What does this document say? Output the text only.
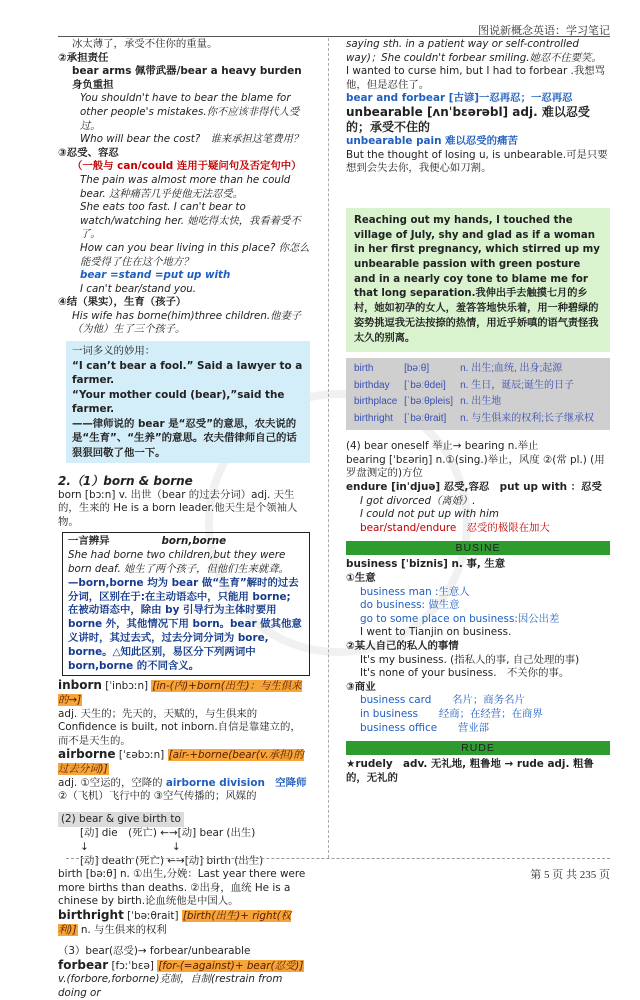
图说新概念英语：学习笔记

冰太薄了，承受不住你的重量。

②承担责任

bear arms 佩带武器/bear a heavy burden 身负重担

You shouldn't have to bear the blame for other people's mistakes.你不应该非得代人受过。

Who will bear the cost?　谁来承担这笔费用？

③忍受、容忍

（一般与 can/could 连用于疑问句及否定句中）

The pain was almost more than he could bear. 这种痛苦几乎使他无法忍受。

She eats too fast. I can't bear to watch/watching her. 她吃得太快，我看着受不了。

How can you bear living in this place? 你怎么能受得了住在这个地方？

bear =stand =put up with

I can't bear/stand you.

④结（果实），生育（孩子）

His wife has borne(him)three children.他妻子（为他）生了三个孩子。

一词多义的妙用：

“I can’t bear a fool.” Said a lawyer to a farmer.

“Your mother could (bear),”said the farmer.

——律师说的 bear 是“忍受”的意思，农夫说的是“生育”、“生养”的意思。农夫借律师自己的话狠狠回敬了他一下。

2.（1）born & borne

born [bɔːn] v. 出世（bear 的过去分词）adj. 天生的，生来的 He is a born leader.他天生是个领袖人物。

一言辨异　　　　　	born,borne

She had borne two children,but they were born deaf. 她生了两个孩子，但他们生来就聋。

—born,borne 均为 bear 做“生育”解时的过去分词，区别在于:在主动语态中，只能用 borne; 在被动语态中，除由 by 引导行为主体时要用 borne 外，其他情况下用 born。bear 做其他意义讲时，其过去式，过去分词分词为 bore, borne。△知此区别，易区分下列两词中 born,borne 的不同含义。

inborn [ˈinbɔːn] [in-(内)+born(出生)：与生俱来的→]

adj. 天生的；先天的，天赋的，与生俱来的 Confidence is built, not inborn.自信是靠建立的，而不是天生的。

airborne [ˈɛəbɔːn] [air-+borne(bear(v.承担)的过去分词)]

adj. ①空运的，空降的 airborne division　空降师

②（飞机）飞行中的 ③空气传播的；风媒的

(2) bear & give birth to

[动] die　(死亡) ←→[动] bear (出生)

↓　　　　　　　　↓

[动] death (死亡) ←→[动] birth (出生)

birth [bəːθ] n. ①出生,分娩：Last year there were more births than deaths. ②出身，血统 He is a chinese by birth.论血统他是中国人。

birthright [ˈbəːθrait] [birth(出生)+ right(权利)] n. 与生俱来的权利

（3）bear(忍受)→ forbear/unbearable

forbear [fɔːˈbɛə] [for-(=against)+ bear(忍受)]

v.(forbore,forborne)克制，自制(restrain from doing or

saying sth. in a patient way or self-controlled way)；She couldn't forbear smiling.她忍不住要笑。

I wanted to curse him, but I had to forbear .我想骂他，但是忍住了。

bear and forbear [古谚]一忍再忍；一忍再忍

unbearable [ʌnˈbɛərəbl] adj. 难以忍受的；承受不住的

unbearable pain 难以忍受的痛苦

But the thought of losing u, is unbearable.可是只要想到会失去你，我便心如刀割。

Reaching out my hands, I touched the village of July, shy and glad as if a woman in her first pregnancy, which stirred up my unbearable passion with green posture and in a nearly coy tone to blame me for that long separation.我伸出手去触摸七月的乡村，她如初孕的女人，羞答答地快乐着，用一种碧绿的姿势挑逗我无法按捺的热情，用近乎娇嗔的语气责怪我太久的别离。

birth	[bəːθ]	n. 出生;血统, 出身;起源
birthday	[ˈbəːθdei]	n. 生日，诞辰;诞生的日子
birthplace	[ˈbəːθpleis]	n. 出生地
birthright	[ˈbəːθrait]	n. 与生俱来的权利;长子继承权

(4) bear oneself 举止→ bearing n.举止

bearing [ˈbɛəriŋ] n.①(sing.)举止，风度 ②(常 pl.) (用罗盘测定的)方位

endure [inˈdjuə] 忍受,容忍　put up with ：忍受

I got divorced（离婚）.

I could not put up with him

bear/stand/endure　忍受的极限在加大

BUSINE

business [ˈbiznis] n. 事, 生意

①生意

business man :生意人

do business: 做生意

go to some place on business:因公出差

I went to Tianjin on business.

②某人自己的私人的事情

It's my business. (指私人的事, 自己处理的事)

It's none of your business.　不关你的事。

③商业

business card　　名片；商务名片

in business　　经商；在经营；在商界

business office　　营业部

RUDE

★rudely　adv. 无礼地, 粗鲁地 → rude adj. 粗鲁的，无礼的

第 5 页 共 235 页
